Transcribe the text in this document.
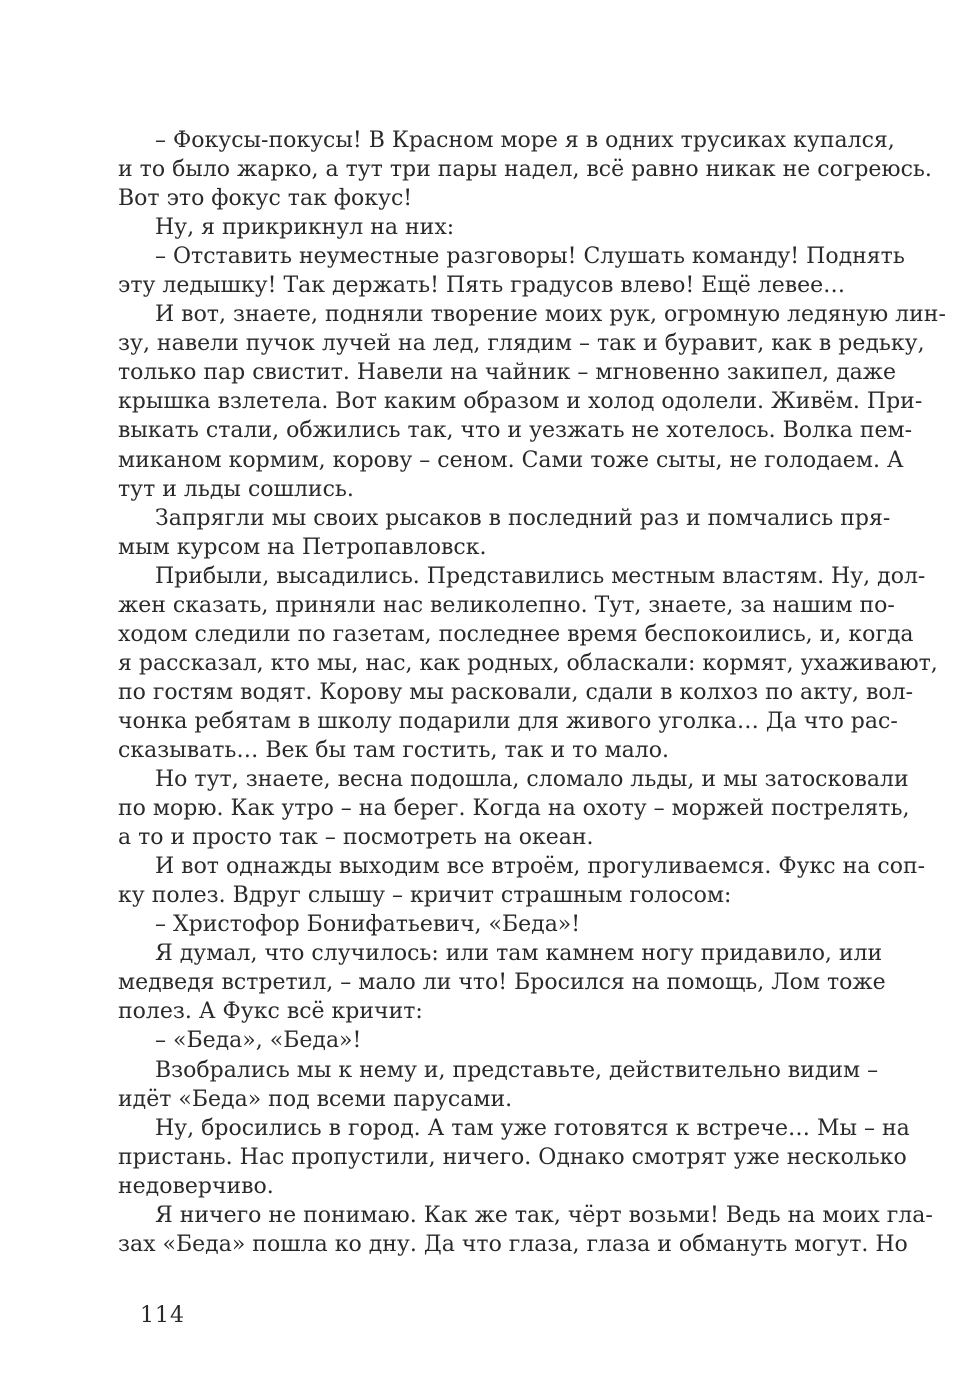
– Фокусы-покусы! В Красном море я в одних трусиках купался,
и то было жарко, а тут три пары надел, всё равно никак не согреюсь.
Вот это фокус так фокус!
Ну, я прикрикнул на них:
– Отставить неуместные разговоры! Слушать команду! Поднять
эту ледышку! Так держать! Пять градусов влево! Ещё левее…
И вот, знаете, подняли творение моих рук, огромную ледяную лин-
зу, навели пучок лучей на лед, глядим – так и буравит, как в редьку,
только пар свистит. Навели на чайник – мгновенно закипел, даже
крышка взлетела. Вот каким образом и холод одолели. Живём. При-
выкать стали, обжились так, что и уезжать не хотелось. Волка пем-
миканом кормим, корову – сеном. Сами тоже сыты, не голодаем. А
тут и льды сошлись.
Запрягли мы своих рысаков в последний раз и помчались пря-
мым курсом на Петропавловск.
Прибыли, высадились. Представились местным властям. Ну, дол-
жен сказать, приняли нас великолепно. Тут, знаете, за нашим по-
ходом следили по газетам, последнее время беспокоились, и, когда
я рассказал, кто мы, нас, как родных, обласкали: кормят, ухаживают,
по гостям водят. Корову мы расковали, сдали в колхоз по акту, вол-
чонка ребятам в школу подарили для живого уголка… Да что рас-
сказывать… Век бы там гостить, так и то мало.
Но тут, знаете, весна подошла, сломало льды, и мы затосковали
по морю. Как утро – на берег. Когда на охоту – моржей пострелять,
а то и просто так – посмотреть на океан.
И вот однажды выходим все втроём, прогуливаемся. Фукс на соп-
ку полез. Вдруг слышу – кричит страшным голосом:
– Христофор Бонифатьевич, «Беда»!
Я думал, что случилось: или там камнем ногу придавило, или
медведя встретил, – мало ли что! Бросился на помощь, Лом тоже
полез. А Фукс всё кричит:
– «Беда», «Беда»!
Взобрались мы к нему и, представьте, действительно видим –
идёт «Беда» под всеми парусами.
Ну, бросились в город. А там уже готовятся к встрече… Мы – на
пристань. Нас пропустили, ничего. Однако смотрят уже несколько
недоверчиво.
Я ничего не понимаю. Как же так, чёрт возьми! Ведь на моих гла-
зах «Беда» пошла ко дну. Да что глаза, глаза и обмануть могут. Но
114
